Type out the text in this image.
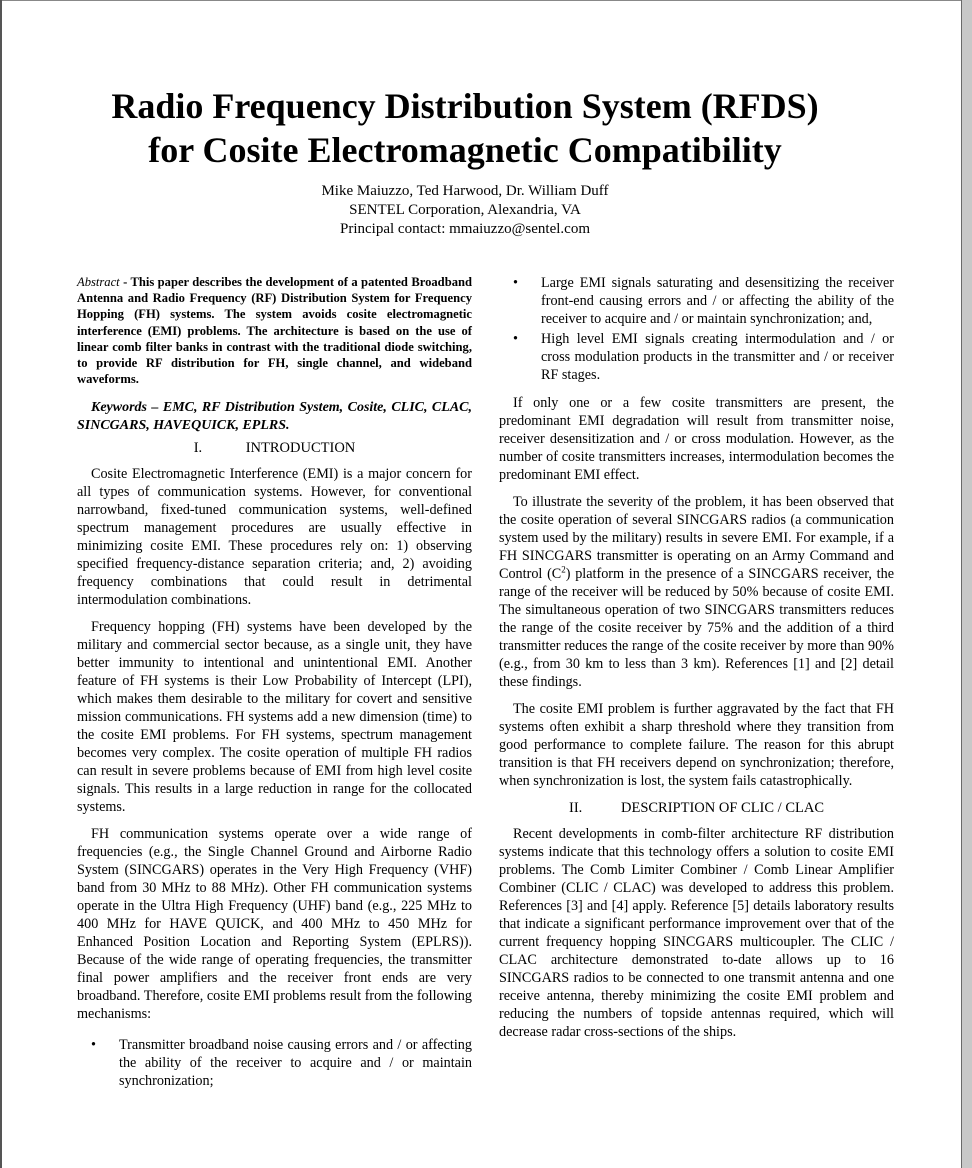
Radio Frequency Distribution System (RFDS)
for Cosite Electromagnetic Compatibility
Mike Maiuzzo, Ted Harwood, Dr. William Duff
SENTEL Corporation, Alexandria, VA
Principal contact: mmaiuzzo@sentel.com

Abstract - This paper describes the development of a patented Broadband Antenna and Radio Frequency (RF) Distribution System for Frequency Hopping (FH) systems. The system avoids cosite electromagnetic interference (EMI) problems. The architecture is based on the use of linear comb filter banks in contrast with the traditional diode switching, to provide RF distribution for FH, single channel, and wideband waveforms.

Keywords – EMC, RF Distribution System, Cosite, CLIC, CLAC, SINCGARS, HAVEQUICK, EPLRS.

I.	INTRODUCTION

Cosite Electromagnetic Interference (EMI) is a major concern for all types of communication systems. However, for conventional narrowband, fixed-tuned communication systems, well-defined spectrum management procedures are usually effective in minimizing cosite EMI. These procedures rely on: 1) observing specified frequency-distance separation criteria; and, 2) avoiding frequency combinations that could result in detrimental intermodulation combinations.

Frequency hopping (FH) systems have been developed by the military and commercial sector because, as a single unit, they have better immunity to intentional and unintentional EMI. Another feature of FH systems is their Low Probability of Intercept (LPI), which makes them desirable to the military for covert and sensitive mission communications. FH systems add a new dimension (time) to the cosite EMI problems. For FH systems, spectrum management becomes very complex. The cosite operation of multiple FH radios can result in severe problems because of EMI from high level cosite signals. This results in a large reduction in range for the collocated systems.

FH communication systems operate over a wide range of frequencies (e.g., the Single Channel Ground and Airborne Radio System (SINCGARS) operates in the Very High Frequency (VHF) band from 30 MHz to 88 MHz). Other FH communication systems operate in the Ultra High Frequency (UHF) band (e.g., 225 MHz to 400 MHz for HAVE QUICK, and 400 MHz to 450 MHz for Enhanced Position Location and Reporting System (EPLRS)). Because of the wide range of operating frequencies, the transmitter final power amplifiers and the receiver front ends are very broadband. Therefore, cosite EMI problems result from the following mechanisms:

• Transmitter broadband noise causing errors and / or affecting the ability of the receiver to acquire and / or maintain synchronization;
• Large EMI signals saturating and desensitizing the receiver front-end causing errors and / or affecting the ability of the receiver to acquire and / or maintain synchronization; and,
• High level EMI signals creating intermodulation and / or cross modulation products in the transmitter and / or receiver RF stages.

If only one or a few cosite transmitters are present, the predominant EMI degradation will result from transmitter noise, receiver desensitization and / or cross modulation. However, as the number of cosite transmitters increases, intermodulation becomes the predominant EMI effect.

To illustrate the severity of the problem, it has been observed that the cosite operation of several SINCGARS radios (a communication system used by the military) results in severe EMI. For example, if a FH SINCGARS transmitter is operating on an Army Command and Control $(C^2)$ platform in the presence of a SINCGARS receiver, the range of the receiver will be reduced by 50% because of cosite EMI. The simultaneous operation of two SINCGARS transmitters reduces the range of the cosite receiver by 75% and the addition of a third transmitter reduces the range of the cosite receiver by more than 90% (e.g., from 30 km to less than 3 km). References [1] and [2] detail these findings.

The cosite EMI problem is further aggravated by the fact that FH systems often exhibit a sharp threshold where they transition from good performance to complete failure. The reason for this abrupt transition is that FH receivers depend on synchronization; therefore, when synchronization is lost, the system fails catastrophically.

II.	DESCRIPTION OF CLIC / CLAC

Recent developments in comb-filter architecture RF distribution systems indicate that this technology offers a solution to cosite EMI problems. The Comb Limiter Combiner / Comb Linear Amplifier Combiner (CLIC / CLAC) was developed to address this problem. References [3] and [4] apply. Reference [5] details laboratory results that indicate a significant performance improvement over that of the current frequency hopping SINCGARS multicoupler. The CLIC / CLAC architecture demonstrated to-date allows up to 16 SINCGARS radios to be connected to one transmit antenna and one receive antenna, thereby minimizing the cosite EMI problem and reducing the numbers of topside antennas required, which will decrease radar cross-sections of the ships.
